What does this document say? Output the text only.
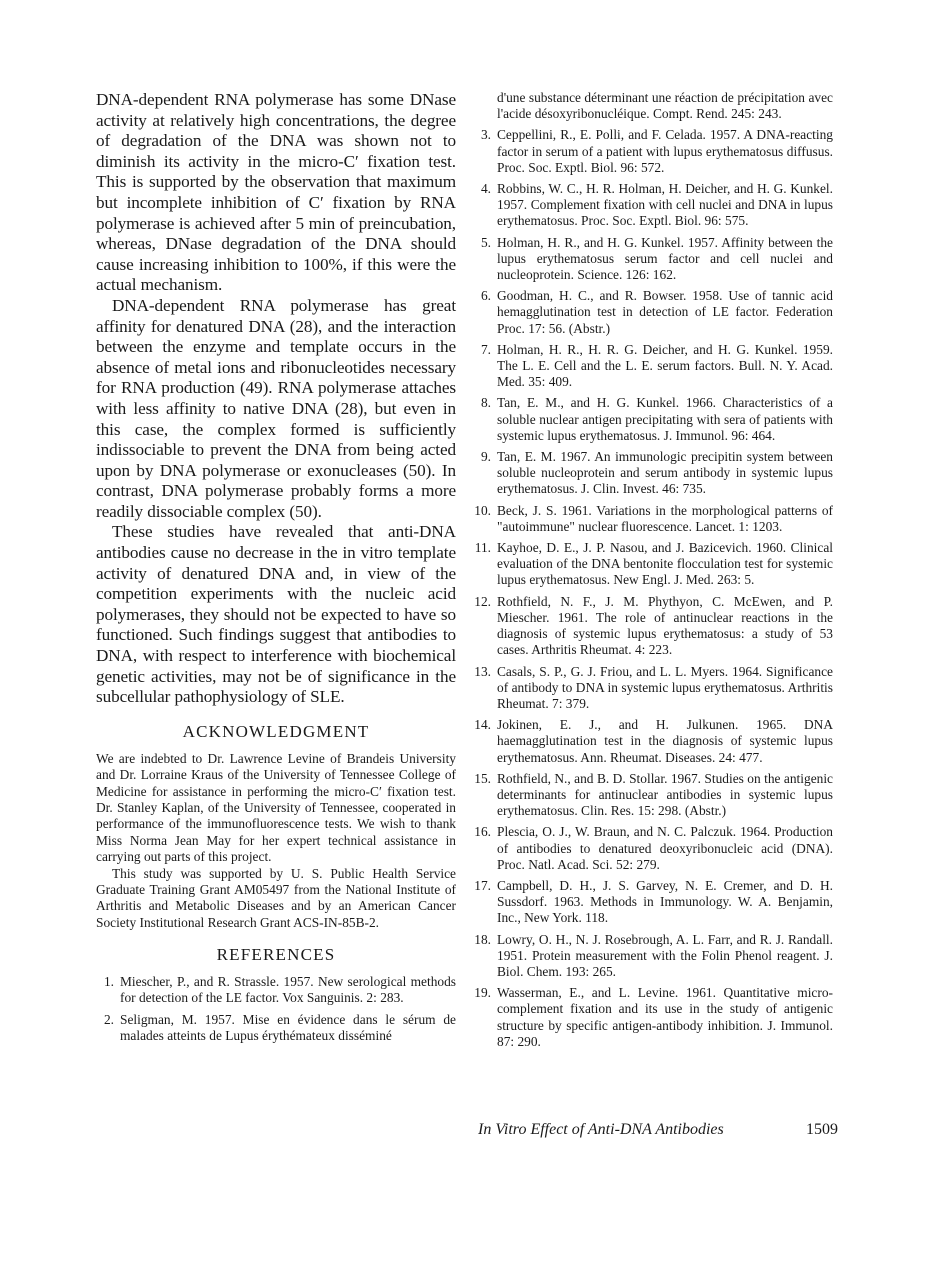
DNA-dependent RNA polymerase has some DNase activity at relatively high concentrations, the degree of degradation of the DNA was shown not to diminish its activity in the micro-C′ fixation test. This is supported by the observation that maximum but incomplete inhibition of C′ fixation by RNA polymerase is achieved after 5 min of preincubation, whereas, DNase degradation of the DNA should cause increasing inhibition to 100%, if this were the actual mechanism.

DNA-dependent RNA polymerase has great affinity for denatured DNA (28), and the interaction between the enzyme and template occurs in the absence of metal ions and ribonucleotides necessary for RNA production (49). RNA polymerase attaches with less affinity to native DNA (28), but even in this case, the complex formed is sufficiently indissociable to prevent the DNA from being acted upon by DNA polymerase or exonucleases (50). In contrast, DNA polymerase probably forms a more readily dissociable complex (50).

These studies have revealed that anti-DNA antibodies cause no decrease in the in vitro template activity of denatured DNA and, in view of the competition experiments with the nucleic acid polymerases, they should not be expected to have so functioned. Such findings suggest that antibodies to DNA, with respect to interference with biochemical genetic activities, may not be of significance in the subcellular pathophysiology of SLE.

ACKNOWLEDGMENT

We are indebted to Dr. Lawrence Levine of Brandeis University and Dr. Lorraine Kraus of the University of Tennessee College of Medicine for assistance in performing the micro-C′ fixation test. Dr. Stanley Kaplan, of the University of Tennessee, cooperated in performance of the immunofluorescence tests. We wish to thank Miss Norma Jean May for her expert technical assistance in carrying out parts of this project.

This study was supported by U. S. Public Health Service Graduate Training Grant AM05497 from the National Institute of Arthritis and Metabolic Diseases and by an American Cancer Society Institutional Research Grant ACS-IN-85B-2.

REFERENCES
1. Miescher, P., and R. Strassle. 1957. New serological methods for detection of the LE factor. Vox Sanguinis. 2: 283.
2. Seligman, M. 1957. Mise en évidence dans le sérum de malades atteints de Lupus érythémateux disséminé
d'une substance déterminant une réaction de précipitation avec l'acide désoxyribonucléique. Compt. Rend. 245: 243.
3. Ceppellini, R., E. Polli, and F. Celada. 1957. A DNA-reacting factor in serum of a patient with lupus erythematosus diffusus. Proc. Soc. Exptl. Biol. 96: 572.
4. Robbins, W. C., H. R. Holman, H. Deicher, and H. G. Kunkel. 1957. Complement fixation with cell nuclei and DNA in lupus erythematosus. Proc. Soc. Exptl. Biol. 96: 575.
5. Holman, H. R., and H. G. Kunkel. 1957. Affinity between the lupus erythematosus serum factor and cell nuclei and nucleoprotein. Science. 126: 162.
6. Goodman, H. C., and R. Bowser. 1958. Use of tannic acid hemagglutination test in detection of LE factor. Federation Proc. 17: 56. (Abstr.)
7. Holman, H. R., H. R. G. Deicher, and H. G. Kunkel. 1959. The L. E. Cell and the L. E. serum factors. Bull. N. Y. Acad. Med. 35: 409.
8. Tan, E. M., and H. G. Kunkel. 1966. Characteristics of a soluble nuclear antigen precipitating with sera of patients with systemic lupus erythematosus. J. Immunol. 96: 464.
9. Tan, E. M. 1967. An immunologic precipitin system between soluble nucleoprotein and serum antibody in systemic lupus erythematosus. J. Clin. Invest. 46: 735.
10. Beck, J. S. 1961. Variations in the morphological patterns of "autoimmune" nuclear fluorescence. Lancet. 1: 1203.
11. Kayhoe, D. E., J. P. Nasou, and J. Bazicevich. 1960. Clinical evaluation of the DNA bentonite flocculation test for systemic lupus erythematosus. New Engl. J. Med. 263: 5.
12. Rothfield, N. F., J. M. Phythyon, C. McEwen, and P. Miescher. 1961. The role of antinuclear reactions in the diagnosis of systemic lupus erythematosus: a study of 53 cases. Arthritis Rheumat. 4: 223.
13. Casals, S. P., G. J. Friou, and L. L. Myers. 1964. Significance of antibody to DNA in systemic lupus erythematosus. Arthritis Rheumat. 7: 379.
14. Jokinen, E. J., and H. Julkunen. 1965. DNA haemagglutination test in the diagnosis of systemic lupus erythematosus. Ann. Rheumat. Diseases. 24: 477.
15. Rothfield, N., and B. D. Stollar. 1967. Studies on the antigenic determinants for antinuclear antibodies in systemic lupus erythematosus. Clin. Res. 15: 298. (Abstr.)
16. Plescia, O. J., W. Braun, and N. C. Palczuk. 1964. Production of antibodies to denatured deoxyribonucleic acid (DNA). Proc. Natl. Acad. Sci. 52: 279.
17. Campbell, D. H., J. S. Garvey, N. E. Cremer, and D. H. Sussdorf. 1963. Methods in Immunology. W. A. Benjamin, Inc., New York. 118.
18. Lowry, O. H., N. J. Rosebrough, A. L. Farr, and R. J. Randall. 1951. Protein measurement with the Folin Phenol reagent. J. Biol. Chem. 193: 265.
19. Wasserman, E., and L. Levine. 1961. Quantitative micro-complement fixation and its use in the study of antigenic structure by specific antigen-antibody inhibition. J. Immunol. 87: 290.
In Vitro Effect of Anti-DNA Antibodies	1509
